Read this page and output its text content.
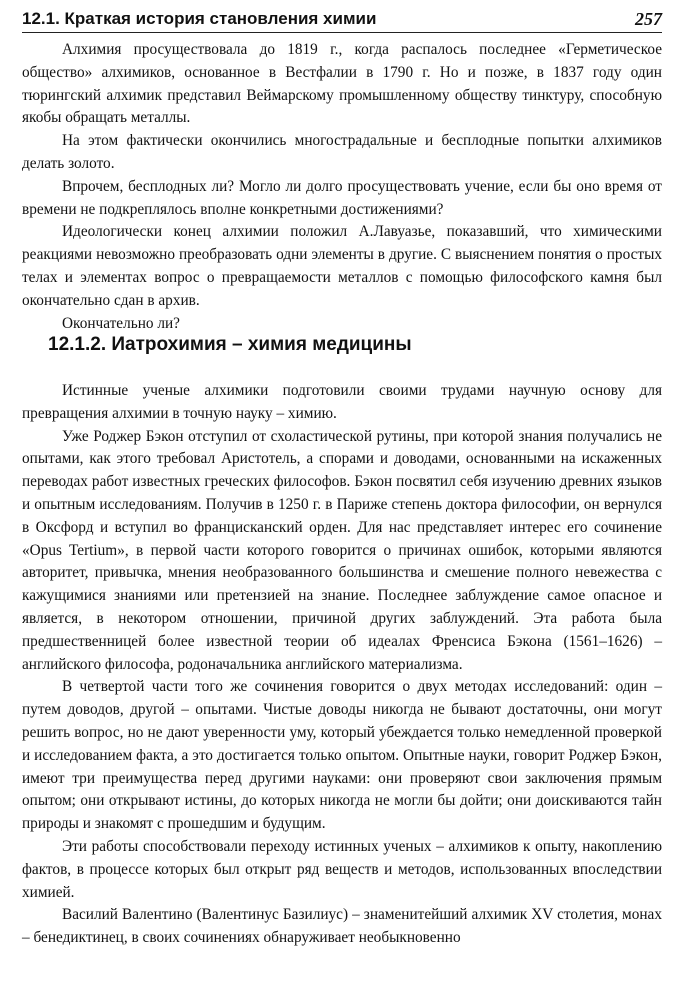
12.1. Краткая история становления химии	257

Алхимия просуществовала до 1819 г., когда распалось последнее «Герметическое общество» алхимиков, основанное в Вестфалии в 1790 г. Но и позже, в 1837 году один тюрингский алхимик представил Веймарскому промышленному обществу тинктуру, способную якобы обращать металлы.

На этом фактически окончились многострадальные и бесплодные попытки алхимиков делать золото.

Впрочем, бесплодных ли? Могло ли долго просуществовать учение, если бы оно время от времени не подкреплялось вполне конкретными достижениями?

Идеологически конец алхимии положил А.Лавуазье, показавший, что химическими реакциями невозможно преобразовать одни элементы в другие. С выяснением понятия о простых телах и элементах вопрос о превращаемости металлов с помощью философского камня был окончательно сдан в архив.

Окончательно ли?

12.1.2. Иатрохимия – химия медицины

Истинные ученые алхимики подготовили своими трудами научную основу для превращения алхимии в точную науку – химию.

Уже Роджер Бэкон отступил от схоластической рутины, при которой знания получались не опытами, как этого требовал Аристотель, а спорами и доводами, основанными на искаженных переводах работ известных греческих философов. Бэкон посвятил себя изучению древних языков и опытным исследованиям. Получив в 1250 г. в Париже степень доктора философии, он вернулся в Оксфорд и вступил во францисканский орден. Для нас представляет интерес его сочинение «Opus Tertium», в первой части которого говорится о причинах ошибок, которыми являются авторитет, привычка, мнения необразованного большинства и смешение полного невежества с кажущимися знаниями или претензией на знание. Последнее заблуждение самое опасное и является, в некотором отношении, причиной других заблуждений. Эта работа была предшественницей более известной теории об идеалах Френсиса Бэкона (1561–1626) – английского философа, родоначальника английского материализма.

В четвертой части того же сочинения говорится о двух методах исследований: один – путем доводов, другой – опытами. Чистые доводы никогда не бывают достаточны, они могут решить вопрос, но не дают уверенности уму, который убеждается только немедленной проверкой и исследованием факта, а это достигается только опытом. Опытные науки, говорит Роджер Бэкон, имеют три преимущества перед другими науками: они проверяют свои заключения прямым опытом; они открывают истины, до которых никогда не могли бы дойти; они доискиваются тайн природы и знакомят с прошедшим и будущим.

Эти работы способствовали переходу истинных ученых – алхимиков к опыту, накоплению фактов, в процессе которых был открыт ряд веществ и методов, использованных впоследствии химией.

Василий Валентино (Валентинус Базилиус) – знаменитейший алхимик XV столетия, монах – бенедиктинец, в своих сочинениях обнаруживает необыкновенно
